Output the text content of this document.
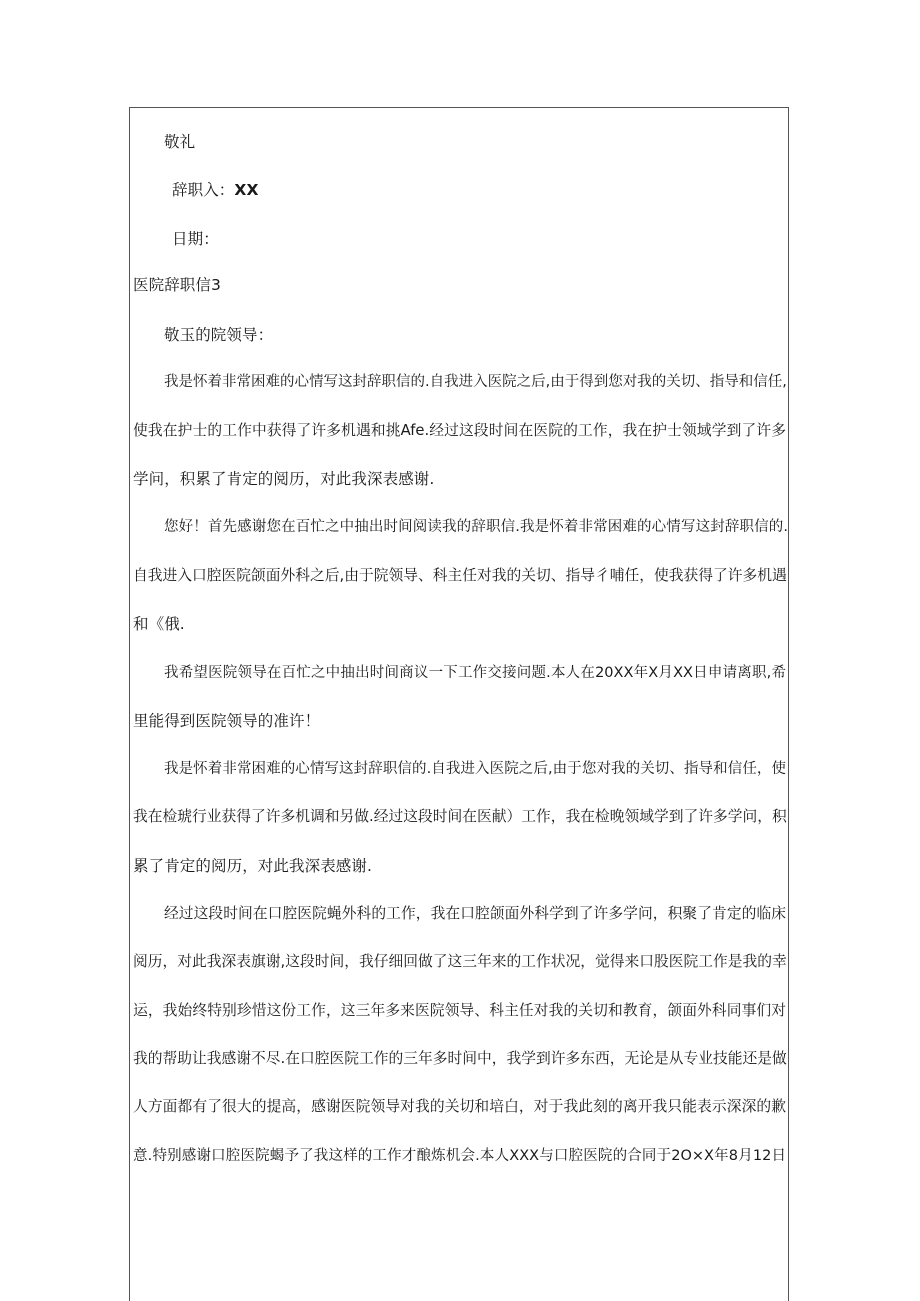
敬礼
辞职入：XX
日期：
医院辞职信3
敬玉的院领导：
我是怀着非常困难的心情写这封辞职信的.自我进入医院之后,由于得到您对我的关切、指导和信任,
使我在护士的工作中获得了许多机遇和挑Afe.经过这段时间在医院的工作，我在护士领域学到了许多
学问，积累了肯定的阅历，对此我深表感谢.
您好！首先感谢您在百忙之中抽出时间阅读我的辞职信.我是怀着非常困难的心情写这封辞职信的.
自我进入口腔医院颌面外科之后,由于院领导、科主任对我的关切、指导彳哺任，使我获得了许多机遇
和《俄.
我希望医院领导在百忙之中抽出时间商议一下工作交接问题.本人在20XX年X月XX日申请离职,希
里能得到医院领导的准许！
我是怀着非常困难的心情写这封辞职信的.自我进入医院之后,由于您对我的关切、指导和信任，使
我在检琥行业获得了许多机调和另做.经过这段时间在医献）工作，我在检晚领域学到了许多学问，积
累了肯定的阅历，对此我深表感谢.
经过这段时间在口腔医院蝇外科的工作，我在口腔颌面外科学到了许多学问，积聚了肯定的临床
阅历，对此我深表旗谢,这段时间，我仔细回做了这三年来的工作状况，觉得来口股医院工作是我的幸
运，我始终特别珍惜这份工作，这三年多来医院领导、科主任对我的关切和教育，颌面外科同事们对
我的帮助让我感谢不尽.在口腔医院工作的三年多时间中，我学到许多东西，无论是从专业技能还是做
人方面都有了很大的提高，感谢医院领导对我的关切和培白，对于我此刻的离开我只能表示深深的歉
意.特别感谢口腔医院蝎予了我这样的工作才酿炼机会.本人XXX与口腔医院的合同于2O×X年8月12日
